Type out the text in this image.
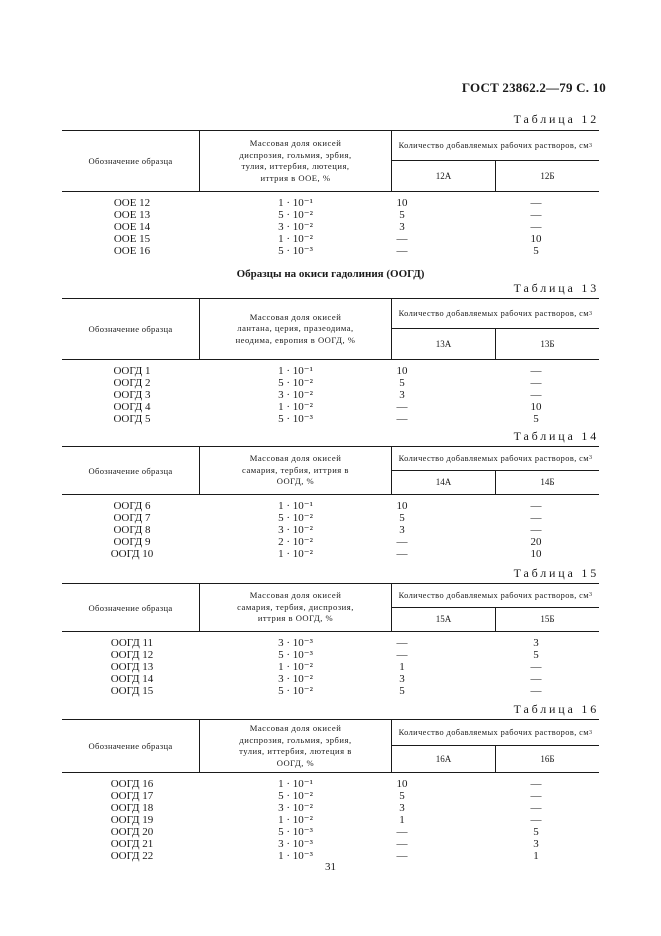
ГОСТ 23862.2—79 С. 10
Таблица 12
Обозначение образца
Массовая доля окисей диспрозия, гольмия, эрбия, тулия, иттербия, лютеция, иттрия в ООЕ, %
Количество добавляемых рабочих растворов, см 3
12А	12Б
ООЕ 12	1 · 10⁻¹	10	—
ООЕ 13	5 · 10⁻²	5	—
ООЕ 14	3 · 10⁻²	3	—
ООЕ 15	1 · 10⁻²	—	10
ООЕ 16	5 · 10⁻³	—	5
Образцы на окиси гадолиния (ООГД)
Таблица 13
Обозначение образца
Массовая доля окисей лантана, церия, празеодима, неодима, европия в ООГД, %
Количество добавляемых рабочих растворов, см 3
13А	13Б
ООГД 1	1 · 10⁻¹	10	—
ООГД 2	5 · 10⁻²	5	—
ООГД 3	3 · 10⁻²	3	—
ООГД 4	1 · 10⁻²	—	10
ООГД 5	5 · 10⁻³	—	5
Таблица 14
Обозначение образца
Массовая доля окисей самария, тербия, иттрия в ООГД, %
Количество добавляемых рабочих растворов, см 3
14А	14Б
ООГД 6	1 · 10⁻¹	10	—
ООГД 7	5 · 10⁻²	5	—
ООГД 8	3 · 10⁻²	3	—
ООГД 9	2 · 10⁻²	—	20
ООГД 10	1 · 10⁻²	—	10
Таблица 15
Обозначение образца
Массовая доля окисей самария, тербия, диспрозия, иттрия в ООГД, %
Количество добавляемых рабочих растворов, см 3
15А	15Б
ООГД 11	3 · 10⁻³	—	3
ООГД 12	5 · 10⁻³	—	5
ООГД 13	1 · 10⁻²	1	—
ООГД 14	3 · 10⁻²	3	—
ООГД 15	5 · 10⁻²	5	—
Таблица 16
Обозначение образца
Массовая доля окисей диспрозия, гольмия, эрбия, тулия, иттербия, лютеция в ООГД, %
Количество добавляемых рабочих растворов, см 3
16А	16Б
ООГД 16	1 · 10⁻¹	10	—
ООГД 17	5 · 10⁻²	5	—
ООГД 18	3 · 10⁻²	3	—
ООГД 19	1 · 10⁻²	1	—
ООГД 20	5 · 10⁻³	—	5
ООГД 21	3 · 10⁻³	—	3
ООГД 22	1 · 10⁻³	—	1
31
